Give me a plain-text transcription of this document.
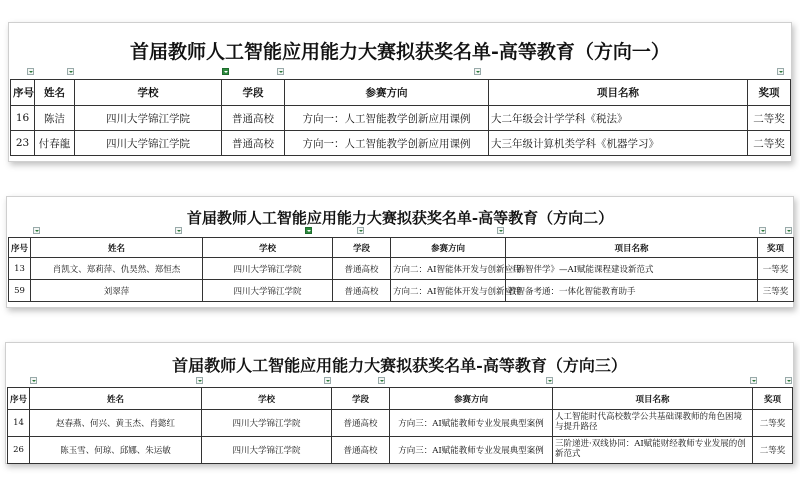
首届教师人工智能应用能力大赛拟获奖名单-高等教育（方向一）
序号	姓名	学校	学段	参赛方向	项目名称	奖项
16	陈洁	四川大学锦江学院	普通高校	方向一：人工智能教学创新应用课例	大二年级会计学学科《税法》	二等奖
23	付春龍	四川大学锦江学院	普通高校	方向一：人工智能教学创新应用课例	大三年级计算机类学科《机器学习》	二等奖
首届教师人工智能应用能力大赛拟获奖名单-高等教育（方向二）
序号	姓名	学校	学段	参赛方向	项目名称	奖项
13	肖凯文、郑莉萍、仇昊然、郑恒杰	四川大学锦江学院	普通高校	方向二：AI智能体开发与创新应用	《锦智伴学》—AI赋能课程建设新范式	一等奖
59	刘翠萍	四川大学锦江学院	普通高校	方向二：AI智能体开发与创新应用	教智备考通：一体化智能教育助手	三等奖
首届教师人工智能应用能力大赛拟获奖名单-高等教育（方向三）
序号	姓名	学校	学段	参赛方向	项目名称	奖项
14	赵春燕、何兴、黄玉杰、肖懿红	四川大学锦江学院	普通高校	方向三：AI赋能教师专业发展典型案例	人工智能时代高校数学公共基础课教师的角色困境与提升路径	二等奖
26	陈玉雪、何琼、邱娜、朱运敏	四川大学锦江学院	普通高校	方向三：AI赋能教师专业发展典型案例	三阶递进·双线协同：AI赋能财经教师专业发展的创新范式	二等奖
